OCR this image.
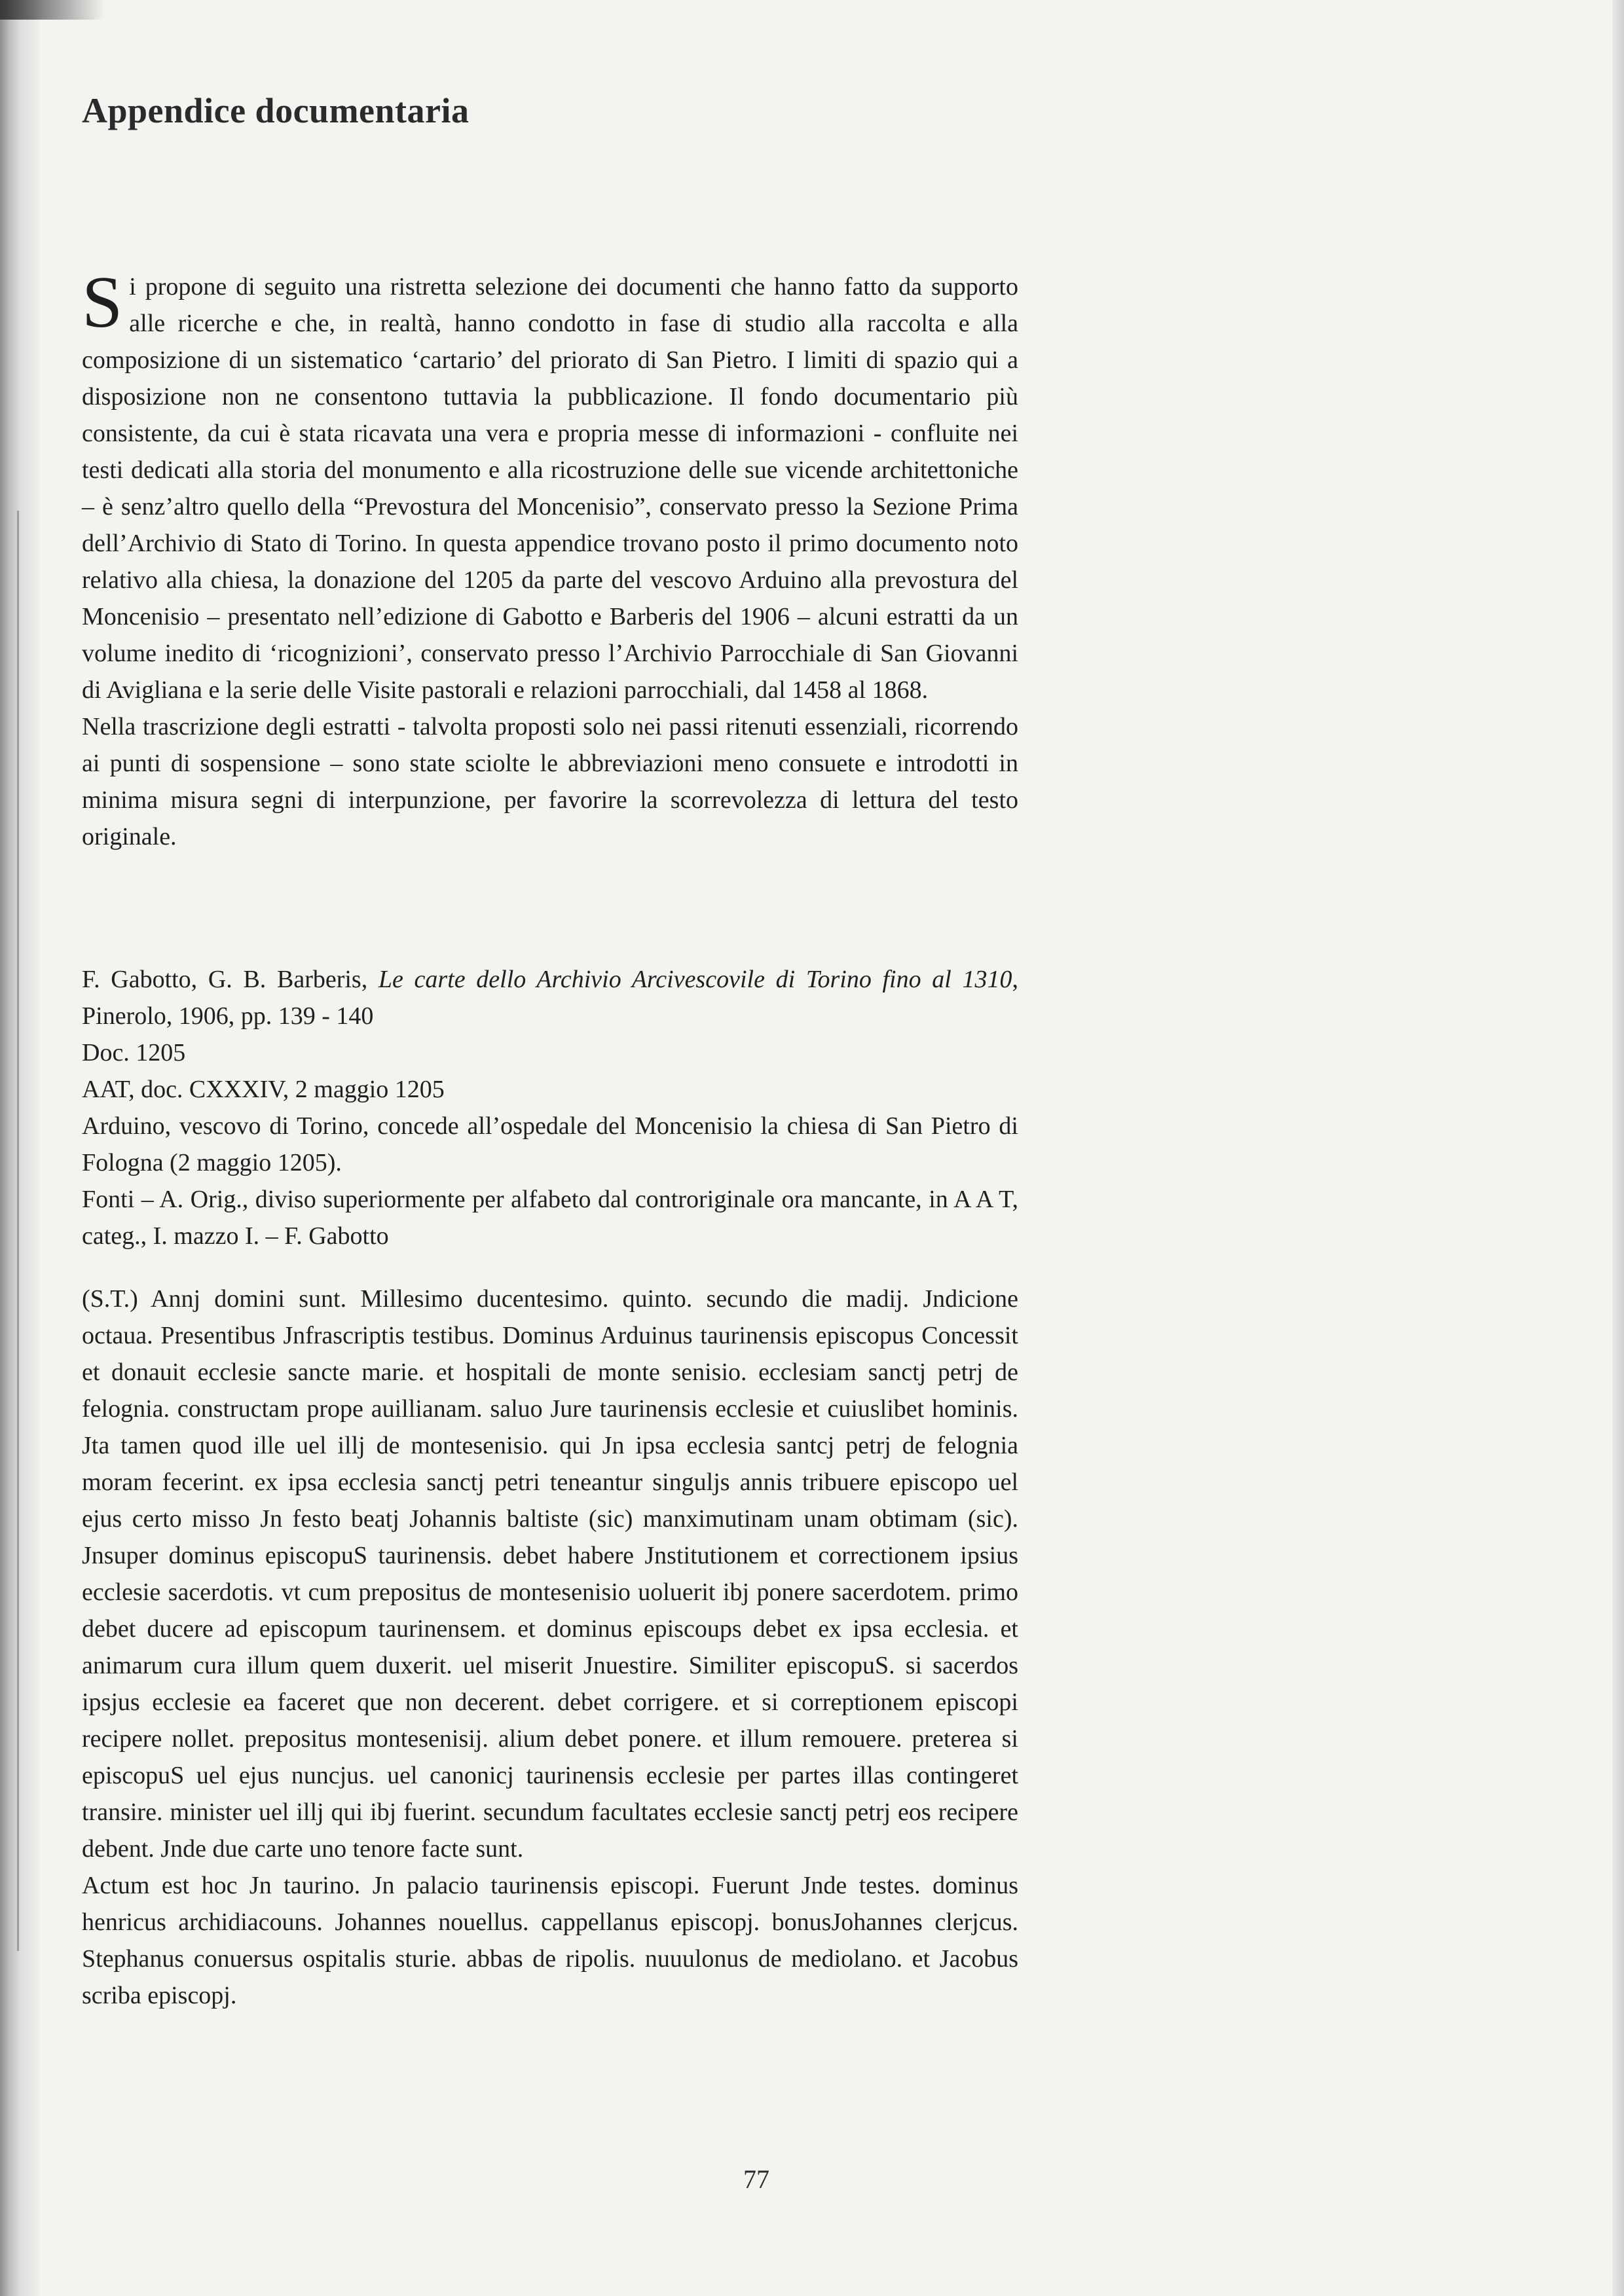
Appendice documentaria

Si propone di seguito una ristretta selezione dei documenti che hanno fatto da supporto alle ricerche e che, in realtà, hanno condotto in fase di studio alla raccolta e alla composizione di un sistematico ‘cartario’ del priorato di San Pietro. I limiti di spazio qui a disposizione non ne consentono tuttavia la pubblicazione. Il fondo documentario più consistente, da cui è stata ricavata una vera e propria messe di informazioni - confluite nei testi dedicati alla storia del monumento e alla ricostruzione delle sue vicende architettoniche – è senz’altro quello della “Prevostura del Moncenisio”, conservato presso la Sezione Prima dell’Archivio di Stato di Torino. In questa appendice trovano posto il primo documento noto relativo alla chiesa, la donazione del 1205 da parte del vescovo Arduino alla prevostura del Moncenisio – presentato nell’edizione di Gabotto e Barberis del 1906 – alcuni estratti da un volume inedito di ‘ricognizioni’, conservato presso l’Archivio Parrocchiale di San Giovanni di Avigliana e la serie delle Visite pastorali e relazioni parrocchiali, dal 1458 al 1868.

Nella trascrizione degli estratti - talvolta proposti solo nei passi ritenuti essenziali, ricorrendo ai punti di sospensione – sono state sciolte le abbreviazioni meno consuete e introdotti in minima misura segni di interpunzione, per favorire la scorrevolezza di lettura del testo originale.

F. Gabotto, G. B. Barberis, Le carte dello Archivio Arcivescovile di Torino fino al 1310, Pinerolo, 1906, pp. 139 - 140

Doc. 1205

AAT, doc. CXXXIV, 2 maggio 1205

Arduino, vescovo di Torino, concede all’ospedale del Moncenisio la chiesa di San Pietro di Fologna (2 maggio 1205).

Fonti – A. Orig., diviso superiormente per alfabeto dal controriginale ora mancante, in A A T, categ., I. mazzo I. – F. Gabotto

(S.T.) Annj domini sunt. Millesimo ducentesimo. quinto. secundo die madij. Jndicione octaua. Presentibus Jnfrascriptis testibus. Dominus Arduinus taurinensis episcopus Concessit et donauit ecclesie sancte marie. et hospitali de monte senisio. ecclesiam sanctj petrj de felognia. constructam prope auillianam. saluo Jure taurinensis ecclesie et cuiuslibet hominis. Jta tamen quod ille uel illj de montesenisio. qui Jn ipsa ecclesia santcj petrj de felognia moram fecerint. ex ipsa ecclesia sanctj petri teneantur singuljs annis tribuere episcopo uel ejus certo misso Jn festo beatj Johannis baltiste (sic) manximutinam unam obtimam (sic). Jnsuper dominus episcopuS taurinensis. debet habere Jnstitutionem et correctionem ipsius ecclesie sacerdotis. vt cum prepositus de montesenisio uoluerit ibj ponere sacerdotem. primo debet ducere ad episcopum taurinensem. et dominus episcoups debet ex ipsa ecclesia. et animarum cura illum quem duxerit. uel miserit Jnuestire. Similiter episcopuS. si sacerdos ipsjus ecclesie ea faceret que non decerent. debet corrigere. et si correptionem episcopi recipere nollet. prepositus montesenisij. alium debet ponere. et illum remouere. preterea si episcopuS uel ejus nuncjus. uel canonicj taurinensis ecclesie per partes illas contingeret transire. minister uel illj qui ibj fuerint. secundum facultates ecclesie sanctj petrj eos recipere debent. Jnde due carte uno tenore facte sunt.

Actum est hoc Jn taurino. Jn palacio taurinensis episcopi. Fuerunt Jnde testes. dominus henricus archidiacouns. Johannes nouellus. cappellanus episcopj. bonusJohannes clerjcus. Stephanus conuersus ospitalis sturie. abbas de ripolis. nuuulonus de mediolano. et Jacobus scriba episcopj.

77
